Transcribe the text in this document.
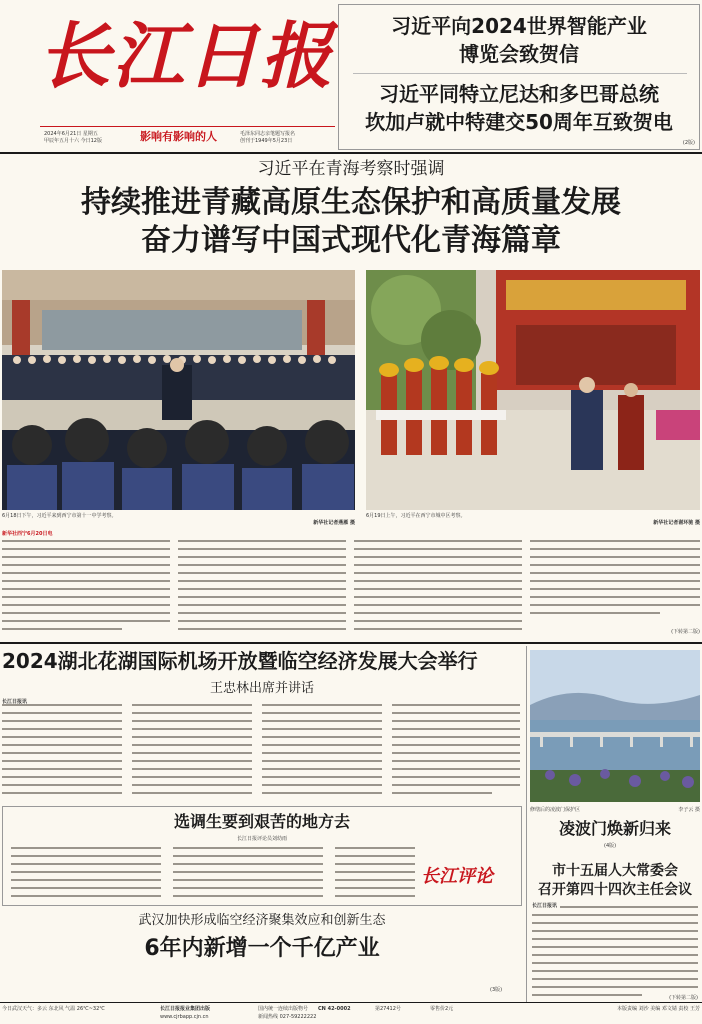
长江日报
2024年6月21日 星期五
甲辰年五月十六 今日12版	影响有影响的人	毛泽东同志亲笔题写报名
创刊于1949年5月23日
习近平向2024世界智能产业
博览会致贺信
习近平同特立尼达和多巴哥总统
坎加卢就中特建交50周年互致贺电
(2版)
习近平在青海考察时强调
持续推进青藏高原生态保护和高质量发展
奋力谱写中国式现代化青海篇章
6月18日下午，习近平来到西宁市第十一中学考察。
新华社记者燕雁 摄
6月19日上午，习近平在西宁市城中区考察。
新华社记者谢环驰 摄
新华社西宁6月20日电
(下转第二版)
2024湖北花湖国际机场开放暨临空经济发展大会举行
王忠林出席并讲话
长江日报讯
修缮后的凌波门保护区	李子云 摄
凌波门焕新归来
(4版)
选调生要到艰苦的地方去
长江日报评论员刘幼雨
长江评论	市十五届人大常委会
召开第四十四次主任会议
长江日报讯
(下转第二版)
武汉加快形成临空经济聚集效应和创新生态
6年内新增一个千亿产业
(3版)
今日武汉天气：多云 东北风 气温 26℃~32℃	长江日报报业集团出版
www.cjrbapp.cjn.cn
国内统一连续出版物号	CN 42-0002
新闻热线 027-59222222
第27412号	零售价2元	本版责编 刘沙 美编 邓文婧 责校 王芳
